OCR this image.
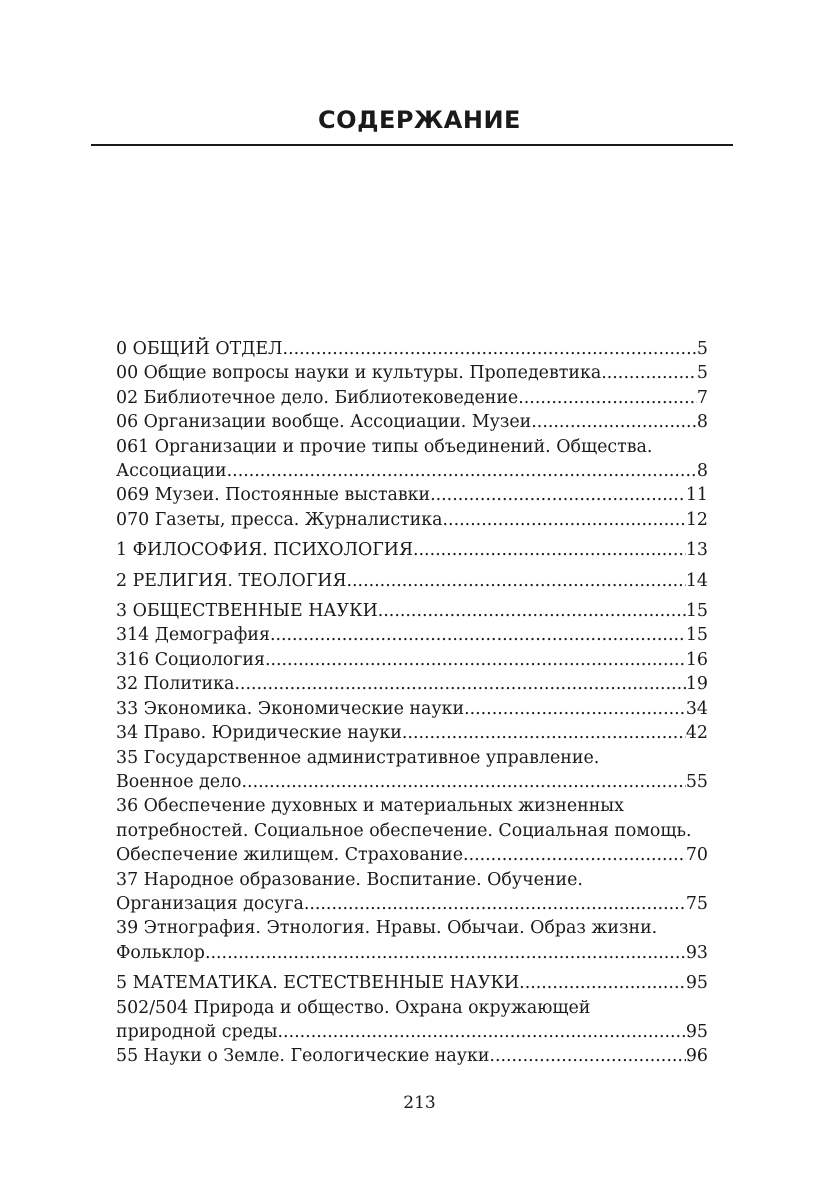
СОДЕРЖАНИЕ
0 ОБЩИЙ ОТДЕЛ .....	5
00 Общие вопросы науки и культуры. Пропедевтика .....	5
02 Библиотечное дело. Библиотековедение .....	7
06 Организации вообще. Ассоциации. Музеи .....	8
061 Организации и прочие типы объединений. Общества.
Ассоциации .....	8
069 Музеи. Постоянные выставки .....	11
070 Газеты, пресса. Журналистика .....	12
1 ФИЛОСОФИЯ. ПСИХОЛОГИЯ .....	13
2 РЕЛИГИЯ. ТЕОЛОГИЯ .....	14
3 ОБЩЕСТВЕННЫЕ НАУКИ .....	15
314 Демография .....	15
316 Социология .....	16
32 Политика .....	19
33 Экономика. Экономические науки .....	34
34 Право. Юридические науки .....	42
35 Государственное административное управление.
Военное дело .....	55
36 Обеспечение духовных и материальных жизненных
потребностей. Социальное обеспечение. Социальная помощь.
Обеспечение жилищем. Страхование .....	70
37 Народное образование. Воспитание. Обучение.
Организация досуга .....	75
39 Этнография. Этнология. Нравы. Обычаи. Образ жизни.
Фольклор .....	93
5 МАТЕМАТИКА. ЕСТЕСТВЕННЫЕ НАУКИ .....	95
502/504 Природа и общество. Охрана окружающей
природной среды .....	95
55 Науки о Земле. Геологические науки .....	96
213
